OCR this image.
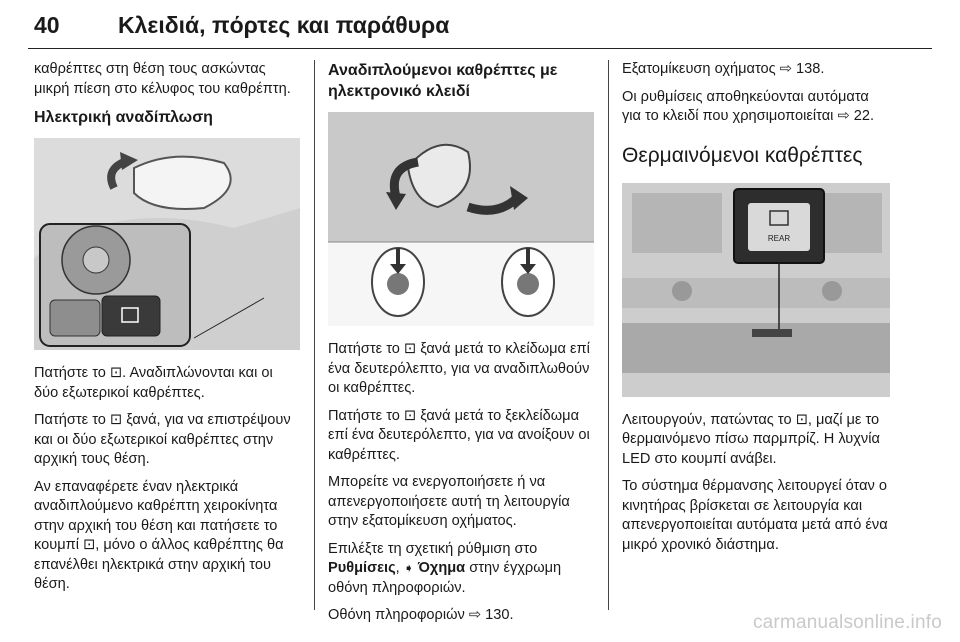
40	Κλειδιά, πόρτες και παράθυρα

καθρέπτες στη θέση τους ασκώντας μικρή πίεση στο κέλυφος του καθρέπτη.

Ηλεκτρική αναδίπλωση

Πατήστε το ⊡. Αναδιπλώνονται και οι δύο εξωτερικοί καθρέπτες.

Πατήστε το ⊡ ξανά, για να επιστρέψουν και οι δύο εξωτερικοί καθρέπτες στην αρχική τους θέση.

Αν επαναφέρετε έναν ηλεκτρικά αναδιπλούμενο καθρέπτη χειροκίνητα στην αρχική του θέση και πατήσετε το κουμπί ⊡, μόνο ο άλλος καθρέπτης θα επανέλθει ηλεκτρικά στην αρχική του θέση.

Αναδιπλούμενοι καθρέπτες με ηλεκτρονικό κλειδί

Πατήστε το ⊡ ξανά μετά το κλείδωμα επί ένα δευτερόλεπτο, για να αναδιπλωθούν οι καθρέπτες.

Πατήστε το ⊡ ξανά μετά το ξεκλείδωμα επί ένα δευτερόλεπτο, για να ανοίξουν οι καθρέπτες.

Μπορείτε να ενεργοποιήσετε ή να απενεργοποιήσετε αυτή τη λειτουργία στην εξατομίκευση οχήματος.

Επιλέξτε τη σχετική ρύθμιση στο Ρυθμίσεις, ➧ Όχημα στην έγχρωμη οθόνη πληροφοριών.

Οθόνη πληροφοριών ⇨ 130.

Εξατομίκευση οχήματος ⇨ 138.

Οι ρυθμίσεις αποθηκεύονται αυτόματα για το κλειδί που χρησιμοποιείται ⇨ 22.

Θερμαινόμενοι καθρέπτες
REAR

Λειτουργούν, πατώντας το ⊡, μαζί με το θερμαινόμενο πίσω παρμπρίζ. Η λυχνία LED στο κουμπί ανάβει.

Το σύστημα θέρμανσης λειτουργεί όταν ο κινητήρας βρίσκεται σε λειτουργία και απενεργοποιείται αυτόματα μετά από ένα μικρό χρονικό διάστημα.

carmanualsonline.info
